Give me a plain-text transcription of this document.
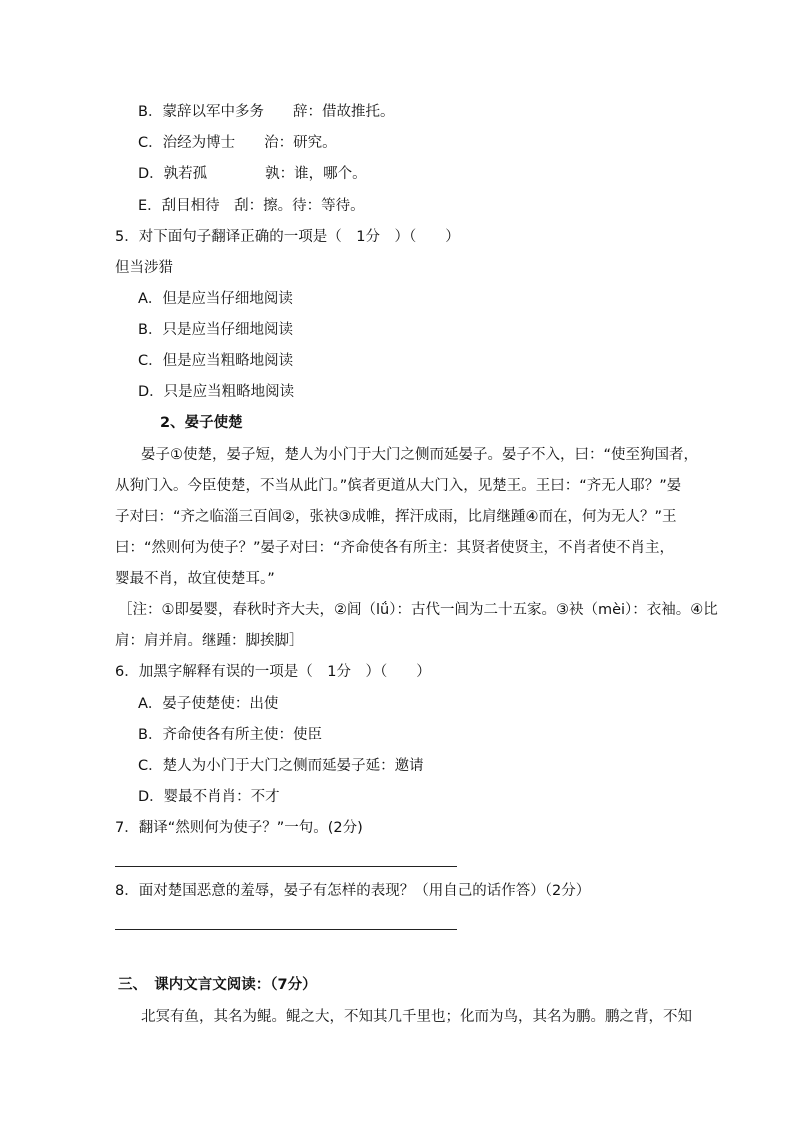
B．蒙辞以军中多务　　辞：借故推托。
C．治经为博士　　治：研究。
D．孰若孤　　　　孰：谁，哪个。
E．刮目相待　刮：擦。待：等待。
5．对下面句子翻译正确的一项是（　1分　）（　　）
但当涉猎
A．但是应当仔细地阅读
B．只是应当仔细地阅读
C．但是应当粗略地阅读
D．只是应当粗略地阅读
2、晏子使楚
晏子①使楚，晏子短，楚人为小门于大门之侧而延晏子。晏子不入，曰：“使至狗国者，
从狗门入。今臣使楚，不当从此门。”傧者更道从大门入，见楚王。王曰：“齐无人耶？”晏
子对曰：“齐之临淄三百闾②，张袂③成帷，挥汗成雨，比肩继踵④而在，何为无人？”王
曰：“然则何为使子？”晏子对曰：“齐命使各有所主：其贤者使贤主，不肖者使不肖主，
婴最不肖，故宜使楚耳。”
［注：①即晏婴，春秋时齐大夫，②闾（lǘ）：古代一闾为二十五家。③袂（mèi）：衣袖。④比
肩：肩并肩。继踵：脚挨脚］
6．加黑字解释有误的一项是（　1分　）（　　）
A．晏子使楚使：出使
B．齐命使各有所主使：使臣
C．楚人为小门于大门之侧而延晏子延：邀请
D．婴最不肖肖：不才
7．翻译“然则何为使子？”一句。(2分)
8．面对楚国恶意的羞辱，晏子有怎样的表现？（用自己的话作答）（2分）
三、　课内文言文阅读：（7分）
北冥有鱼，其名为鲲。鲲之大，不知其几千里也；化而为鸟，其名为鹏。鹏之背，不知
